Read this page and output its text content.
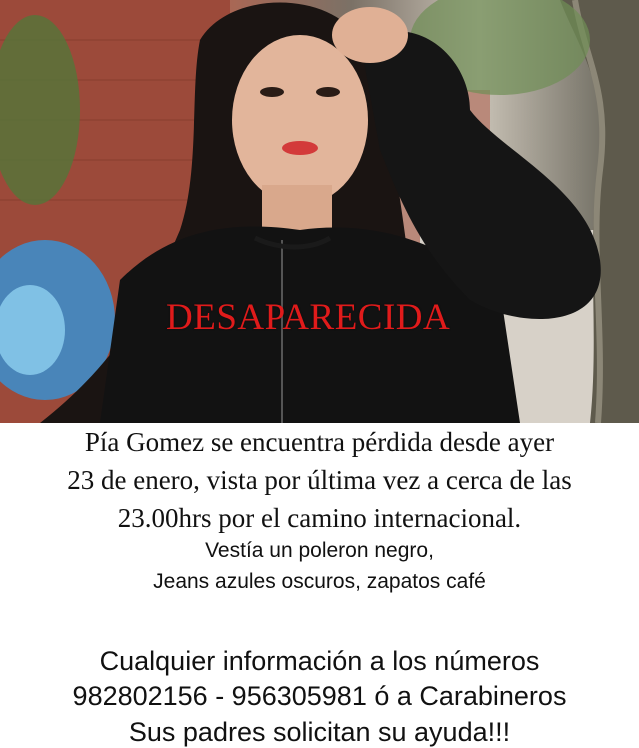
DESAPARECIDA
Pía Gomez se encuentra pérdida desde ayer
23 de enero, vista por última vez a cerca de las
23.00hrs por el camino internacional.
Vestía un poleron negro,
Jeans azules oscuros, zapatos café
Cualquier información a los números
982802156 - 956305981 ó a Carabineros
Sus padres solicitan su ayuda!!!
